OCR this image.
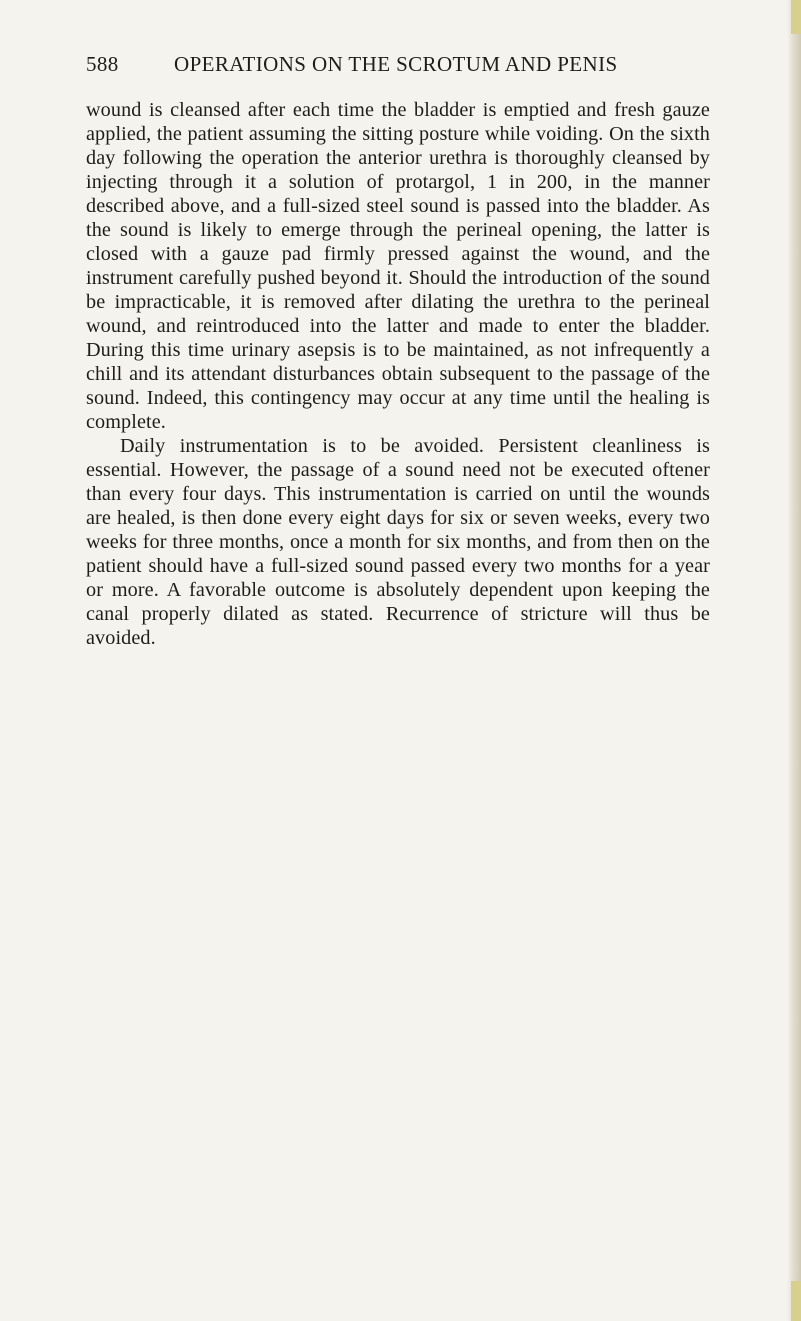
588	OPERATIONS ON THE SCROTUM AND PENIS

wound is cleansed after each time the bladder is emptied and fresh gauze applied, the patient assuming the sitting posture while voiding. On the sixth day following the operation the anterior urethra is thoroughly cleansed by injecting through it a solution of protargol, 1 in 200, in the manner described above, and a full-sized steel sound is passed into the bladder. As the sound is likely to emerge through the perineal opening, the latter is closed with a gauze pad firmly pressed against the wound, and the instrument carefully pushed beyond it. Should the introduction of the sound be impracticable, it is removed after dilating the urethra to the perineal wound, and reintroduced into the latter and made to enter the bladder. During this time urinary asepsis is to be maintained, as not infrequently a chill and its attendant disturbances obtain subsequent to the passage of the sound. Indeed, this contingency may occur at any time until the healing is complete.

Daily instrumentation is to be avoided. Persistent cleanliness is essential. However, the passage of a sound need not be executed oftener than every four days. This instrumentation is carried on until the wounds are healed, is then done every eight days for six or seven weeks, every two weeks for three months, once a month for six months, and from then on the patient should have a full-sized sound passed every two months for a year or more. A favorable outcome is absolutely dependent upon keeping the canal properly dilated as stated. Recurrence of stricture will thus be avoided.
